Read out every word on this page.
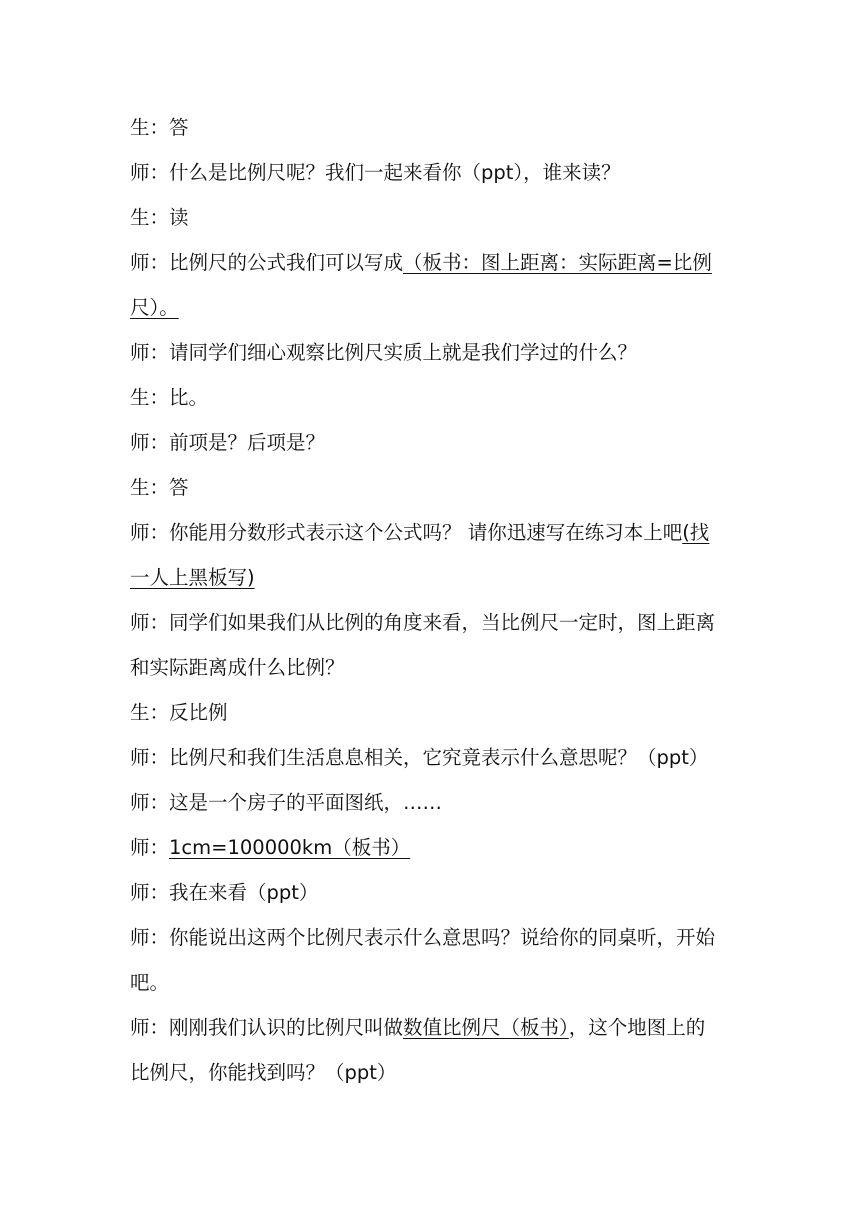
生：答
师：什么是比例尺呢？我们一起来看你（ppt），谁来读？
生：读
师：比例尺的公式我们可以写成（板书：图上距离：实际距离=比例
尺）。
师：请同学们细心观察比例尺实质上就是我们学过的什么？
生：比。
师：前项是？后项是？
生：答
师：你能用分数形式表示这个公式吗？ 请你迅速写在练习本上吧(找
一人上黑板写)
师：同学们如果我们从比例的角度来看，当比例尺一定时，图上距离
和实际距离成什么比例？
生：反比例
师：比例尺和我们生活息息相关，它究竟表示什么意思呢？（ppt）
师：这是一个房子的平面图纸，……
师：1cm=100000km（板书）
师：我在来看（ppt）
师：你能说出这两个比例尺表示什么意思吗？说给你的同桌听，开始
吧。
师：刚刚我们认识的比例尺叫做数值比例尺（板书），这个地图上的
比例尺，你能找到吗？（ppt）
